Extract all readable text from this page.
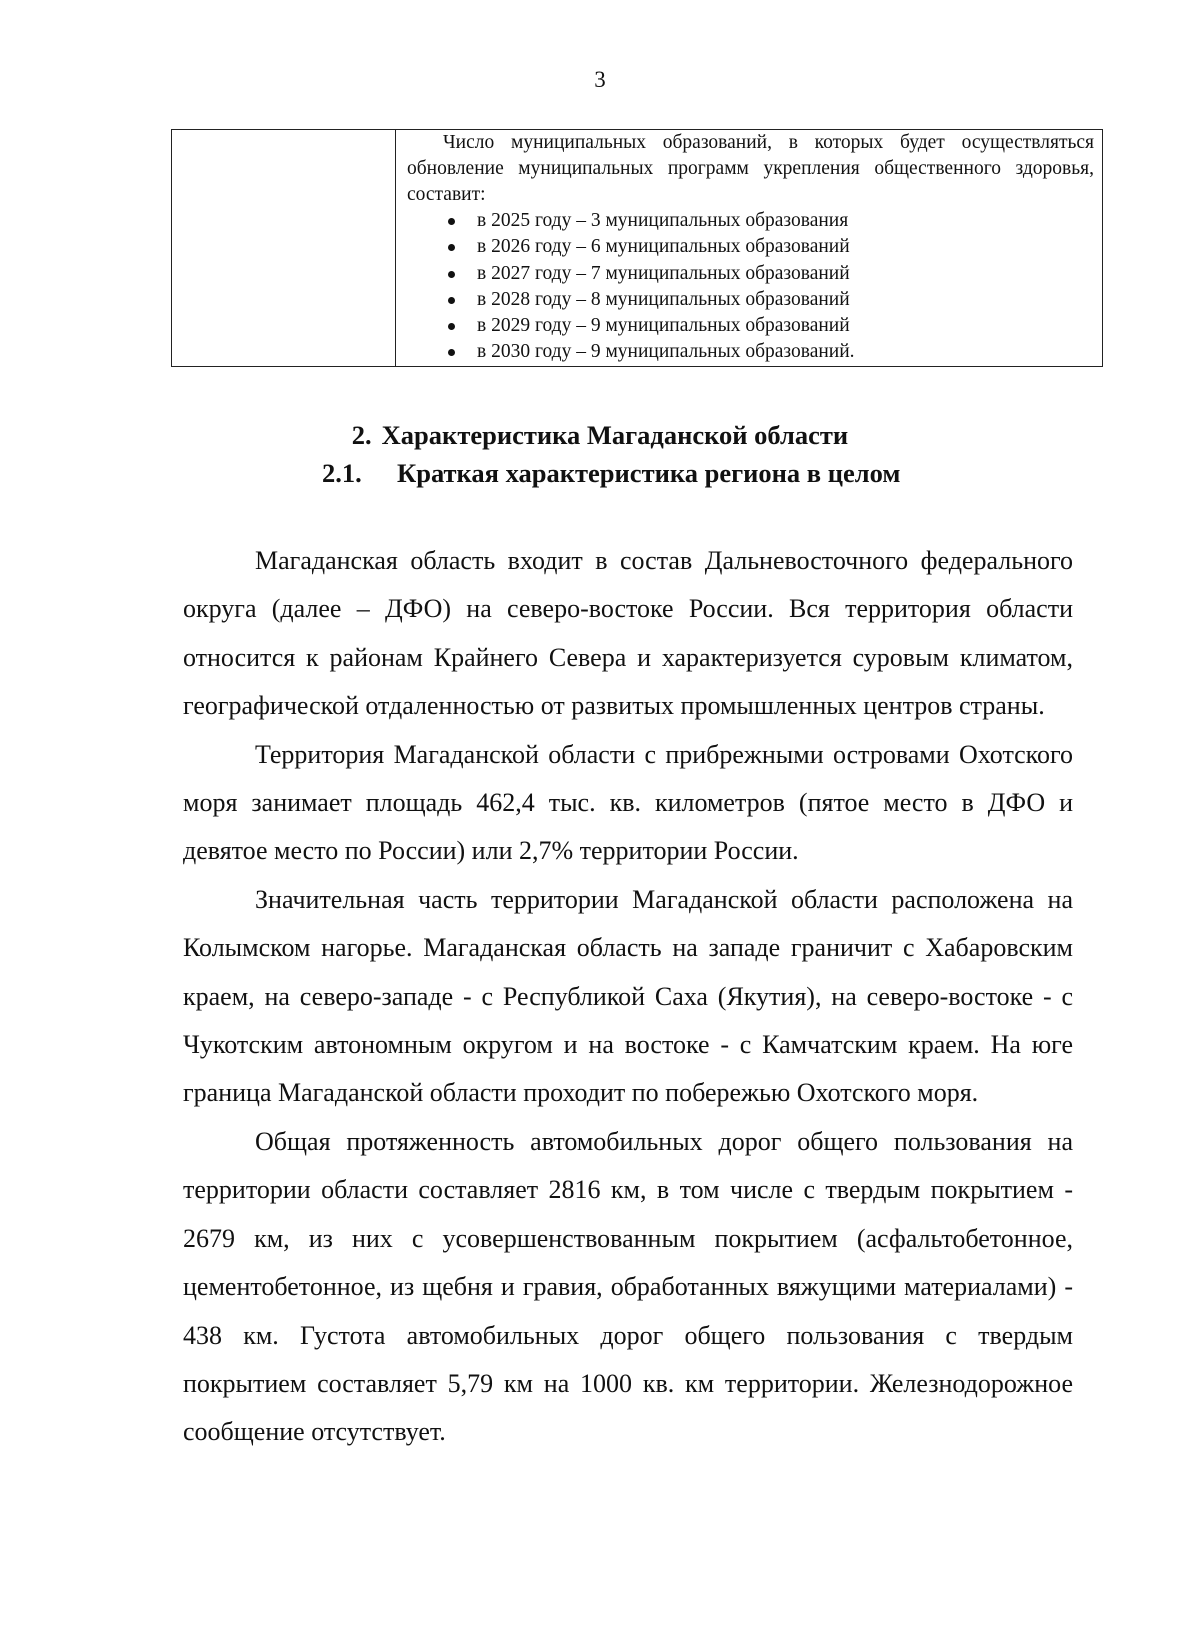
3

Число муниципальных образований, в которых будет осуществляться обновление муниципальных программ укрепления общественного здоровья, составит:

в 2025 году – 3 муниципальных образования
в 2026 году – 6 муниципальных образований
в 2027 году – 7 муниципальных образований
в 2028 году – 8 муниципальных образований
в 2029 году – 9 муниципальных образований
в 2030 году – 9 муниципальных образований.
2. Характеристика Магаданской области
2.1. Краткая характеристика региона в целом

Магаданская область входит в состав Дальневосточного федерального округа (далее – ДФО) на северо-востоке России. Вся территория области относится к районам Крайнего Севера и характеризуется суровым климатом, географической отдаленностью от развитых промышленных центров страны.

Территория Магаданской области с прибрежными островами Охотского моря занимает площадь 462,4 тыс. кв. километров (пятое место в ДФО и девятое место по России) или 2,7% территории России.

Значительная часть территории Магаданской области расположена на Колымском нагорье. Магаданская область на западе граничит с Хабаровским краем, на северо-западе - с Республикой Саха (Якутия), на северо-востоке - с Чукотским автономным округом и на востоке - с Камчатским краем. На юге граница Магаданской области проходит по побережью Охотского моря.

Общая протяженность автомобильных дорог общего пользования на территории области составляет 2816 км, в том числе с твердым покрытием - 2679 км, из них с усовершенствованным покрытием (асфальтобетонное, цементобетонное, из щебня и гравия, обработанных вяжущими материалами) - 438 км. Густота автомобильных дорог общего пользования с твердым покрытием составляет 5,79 км на 1000 кв. км территории. Железнодорожное сообщение отсутствует.
